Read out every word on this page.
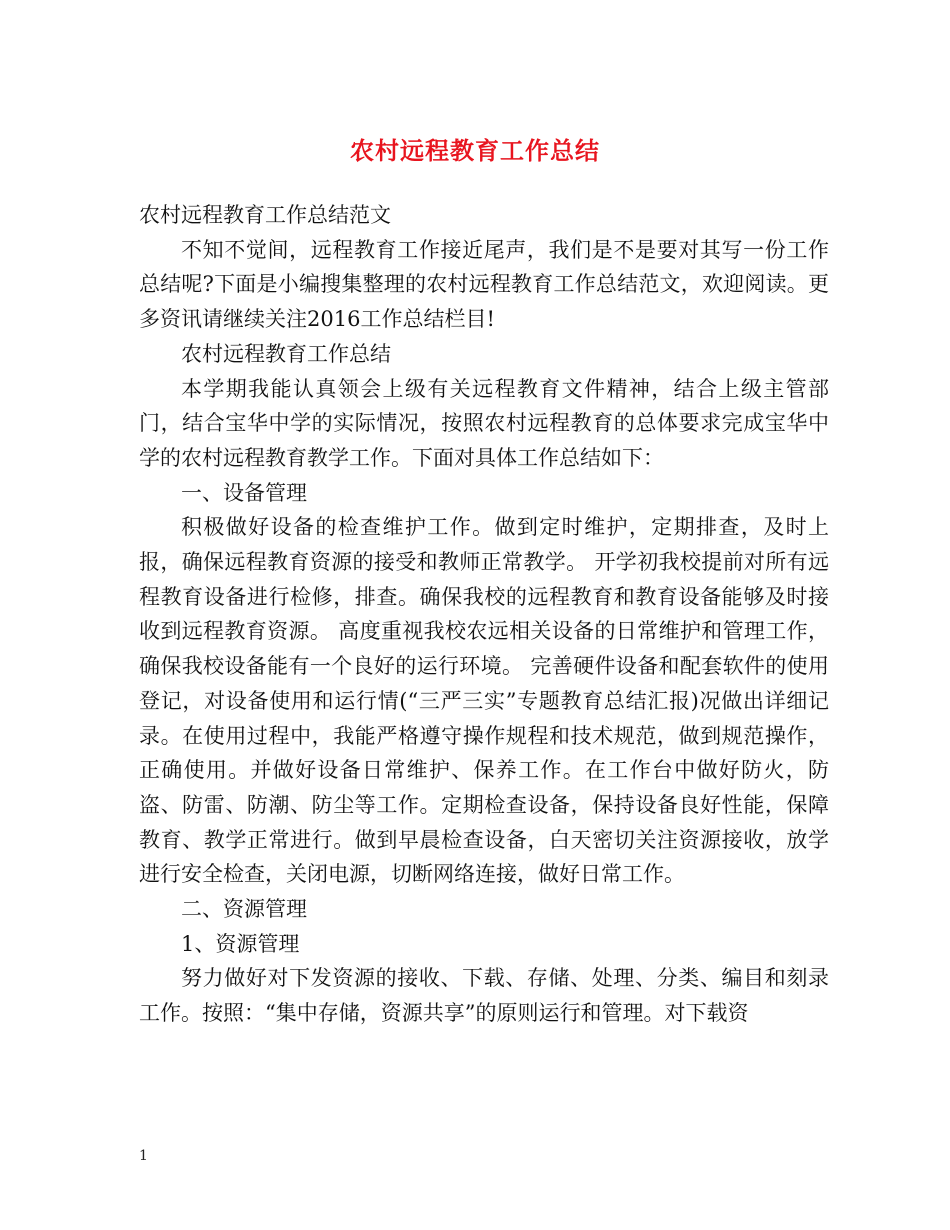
农村远程教育工作总结

农村远程教育工作总结范文

不知不觉间，远程教育工作接近尾声，我们是不是要对其写一份工作总结呢?下面是小编搜集整理的农村远程教育工作总结范文，欢迎阅读。更多资讯请继续关注2016工作总结栏目!

农村远程教育工作总结

本学期我能认真领会上级有关远程教育文件精神，结合上级主管部门，结合宝华中学的实际情况，按照农村远程教育的总体要求完成宝华中学的农村远程教育教学工作。下面对具体工作总结如下：

一、设备管理

积极做好设备的检查维护工作。做到定时维护，定期排查，及时上报，确保远程教育资源的接受和教师正常教学。 开学初我校提前对所有远程教育设备进行检修，排查。确保我校的远程教育和教育设备能够及时接收到远程教育资源。 高度重视我校农远相关设备的日常维护和管理工作，确保我校设备能有一个良好的运行环境。 完善硬件设备和配套软件的使用登记，对设备使用和运行情(“三严三实”专题教育总结汇报)况做出详细记录。在使用过程中，我能严格遵守操作规程和技术规范，做到规范操作，正确使用。并做好设备日常维护、保养工作。在工作台中做好防火，防盗、防雷、防潮、防尘等工作。定期检查设备，保持设备良好性能，保障教育、教学正常进行。做到早晨检查设备，白天密切关注资源接收，放学进行安全检查，关闭电源，切断网络连接，做好日常工作。

二、资源管理

1、资源管理

努力做好对下发资源的接收、下载、存储、处理、分类、编目和刻录工作。按照：“集中存储，资源共享”的原则运行和管理。对下载资

1
